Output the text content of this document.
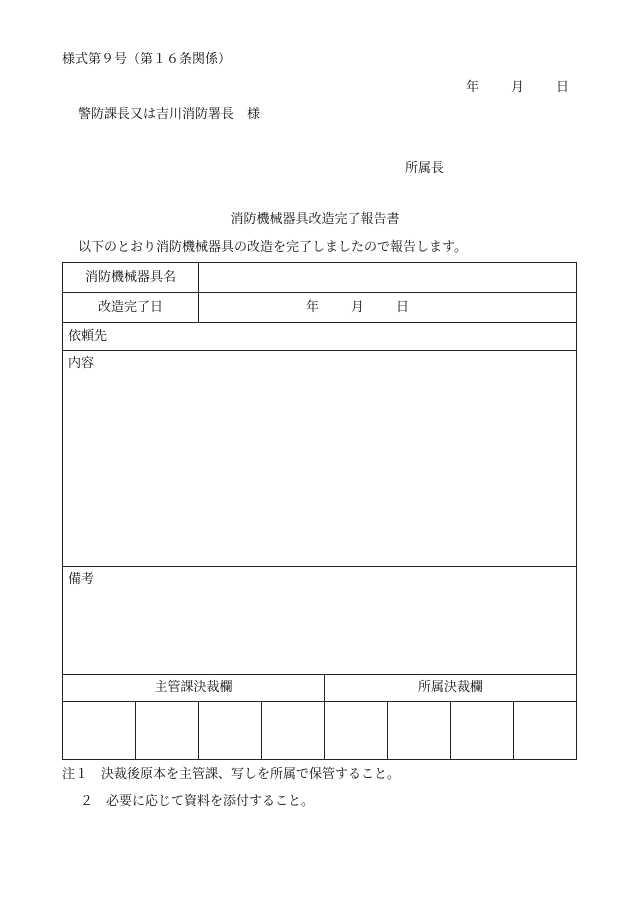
様式第９号（第１６条関係）
年 月 日
警防課長又は吉川消防署長　様
所属長
消防機械器具改造完了報告書
以下のとおり消防機械器具の改造を完了しましたので報告します。
消防機械器具名							
改造完了日		年 月 日					

依頼先							
内容							
備考							
主管課決裁欄				所属決裁欄			

注１　決裁後原本を主管課、写しを所属で保管すること。
２　必要に応じて資料を添付すること。
